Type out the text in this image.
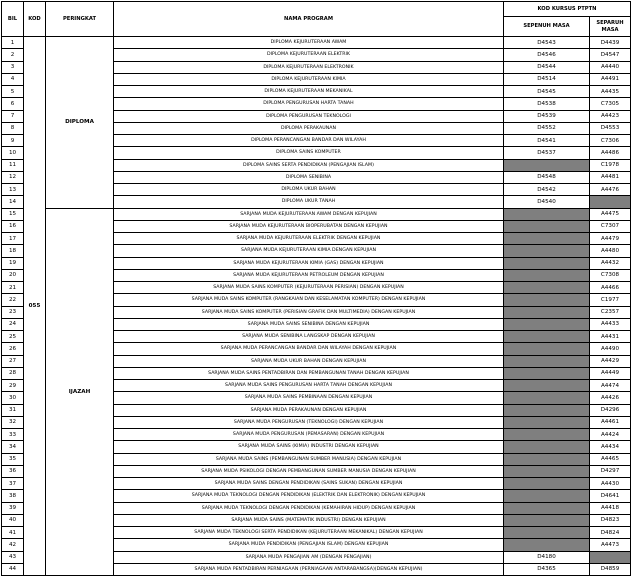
BIL	KOD	PERINGKAT	NAMA PROGRAM	KOD KURSUS PTPTN	
				SEPENUH MASA	SEPARUH MASA
1	055	DIPLOMA	DIPLOMA KEJURUTERAAN AWAM	D4543	D4439
2			DIPLOMA KEJURUTERAAN ELEKTRIK	D4546	D4547
3			DIPLOMA KEJURUTERAAN ELEKTRONIK	D4544	A4440
4			DIPLOMA KEJURUTERAAN KIMIA	D4514	A4491
5			DIPLOMA KEJURUTERAAN MEKANIKAL	D4545	A4435
6			DIPLOMA PENGURUSAN HARTA TANAH	D4538	C7305
7			DIPLOMA PENGURUSAN TEKNOLOGI	D4539	A4423
8			DIPLOMA PERAKAUNAN	D4552	D4553
9			DIPLOMA PERANCANGAN BANDAR DAN WILAYAH	D4541	C7306
10			DIPLOMA SAINS KOMPUTER	D4537	A4486
11			DIPLOMA SAINS SERTA PENDIDIKAN (PENGAJIAN ISLAM)		C1978
12			DIPLOMA SENIBINA	D4548	A4481
13			DIPLOMA UKUR BAHAN	D4542	A4476
14			DIPLOMA UKUR TANAH	D4540	
15		IJAZAH	SARJANA MUDA KEJURUTERAAN AWAM DENGAN KEPUJIAN		A4475
16			SARJANA MUDA KEJURUTERAAN BIOPERUBATAN DENGAN KEPUJIAN		C7307
17			SARJANA MUDA KEJURUTERAAN ELEKTRIK DENGAN KEPUJIAN		A4479
18			SARJANA MUDA KEJURUTERAAN KIMIA DENGAN KEPUJIAN		A4480
19			SARJANA MUDA KEJURUTERAAN KIMIA (GAS) DENGAN KEPUJIAN		A4432
20			SARJANA MUDA KEJURUTERAAN PETROLEUM DENGAN KEPUJIAN		C7308
21			SARJANA MUDA SAINS KOMPUTER (KEJURUTERAAN PERISIAN) DENGAN KEPUJIAN		A4466
22			SARJANA MUDA SAINS KOMPUTER (RANGKAIAN DAN KESELAMATAN KOMPUTER) DENGAN KEPUJIAN		C1977
23			SARJANA MUDA SAINS KOMPUTER (PERISIAN GRAFIK DAN MULTIMEDIA) DENGAN KEPUJIAN		C2357
24			SARJANA MUDA SAINS SENIBINA DENGAN KEPUJIAN		A4433
25			SARJANA MUDA SENIBINA LANGSKAP DENGAN KEPUJIAN		A4431
26			SARJANA MUDA PERANCANGAN BANDAR DAN WILAYAH DENGAN KEPUJIAN		A4490
27			SARJANA MUDA UKUR BAHAN DENGAN KEPUJIAN		A4429
28			SARJANA MUDA SAINS PENTADBIRAN DAN PEMBANGUNAN TANAH DENGAN KEPUJIAN		A4449
29			SARJANA MUDA SAINS PENGURUSAN HARTA TANAH DENGAN KEPUJIAN		A4474
30			SARJANA MUDA SAINS PEMBINAAN DENGAN KEPUJIAN		A4426
31			SARJANA MUDA PERAKAUNAN DENGAN KEPUJIAN		D4296
32			SARJANA MUDA PENGURUSAN (TEKNOLOGI) DENGAN KEPUJIAN		A4461
33			SARJANA MUDA PENGURUSAN (PEMASARAN) DENGAN KEPUJIAN		A4424
34			SARJANA MUDA SAINS (KIMIA) INDUSTRI DENGAN KEPUJIAN		A4434
35			SARJANA MUDA SAINS (PEMBANGUNAN SUMBER MANUSIA) DENGAN KEPUJIAN		A4465
36			SARJANA MUDA PSIKOLOGI DENGAN PEMBANGUNAN SUMBER MANUSIA DENGAN KEPUJIAN		D4297
37			SARJANA MUDA SAINS DENGAN PENDIDIKAN (SAINS SUKAN) DENGAN KEPUJIAN		A4430
38			SARJANA MUDA TEKNOLOGI DENGAN PENDIDIKAN (ELEKTRIK DAN ELEKTRONIK) DENGAN KEPUJIAN		D4641
39			SARJANA MUDA TEKNOLOGI DENGAN PENDIDIKAN (KEMAHIRAN HIDUP) DENGAN KEPUJIAN		A4418
40			SARJANA MUDA SAINS (MATEMATIK INDUSTRI) DENGAN KEPUJIAN		D4823
41			SARJANA MUDA TEKNOLOGI SERTA PENDIDIKAN (KEJURUTERAAN MEKANIKAL) DENGAN KEPUJIAN		D4824
42			SARJANA MUDA PENDIDIKAN (PENGAJIAN ISLAM) DENGAN KEPUJIAN		A4473
43			SARJANA MUDA PENGAJIAN AM (DENGAN PENGAJIAN)	D4180	
44			SARJANA MUDA PENTADBIRAN PERNIAGAAN (PERNIAGAAN ANTARABANGSA)(DENGAN KEPUJIAN)	D4365	D4859
